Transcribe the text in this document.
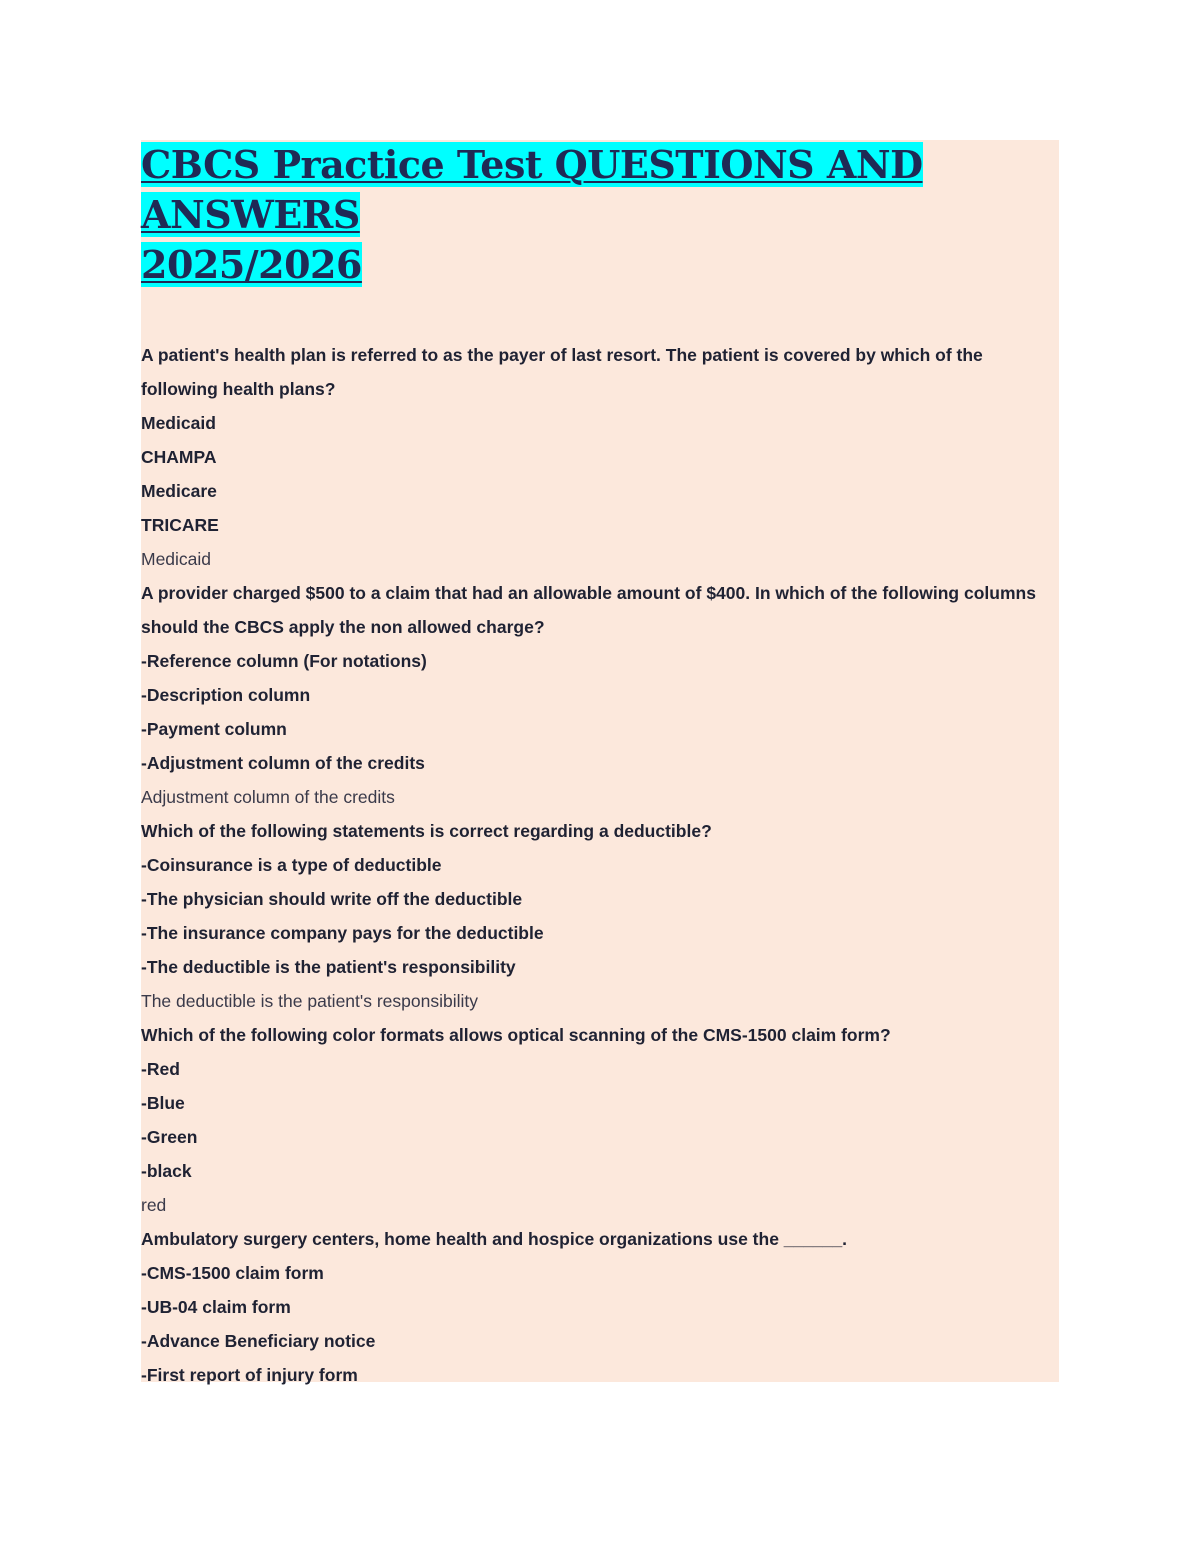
CBCS Practice Test QUESTIONS AND ANSWERS
2025/2026

A patient's health plan is referred to as the payer of last resort. The patient is covered by which of the following health plans?

Medicaid

CHAMPA

Medicare

TRICARE

Medicaid

A provider charged $500 to a claim that had an allowable amount of $400. In which of the following columns should the CBCS apply the non allowed charge?

-Reference column (For notations)

-Description column

-Payment column

-Adjustment column of the credits

Adjustment column of the credits

Which of the following statements is correct regarding a deductible?

-Coinsurance is a type of deductible

-The physician should write off the deductible

-The insurance company pays for the deductible

-The deductible is the patient's responsibility

The deductible is the patient's responsibility

Which of the following color formats allows optical scanning of the CMS-1500 claim form?

-Red

-Blue

-Green

-black

red

Ambulatory surgery centers, home health and hospice organizations use the ______.

-CMS-1500 claim form

-UB-04 claim form

-Advance Beneficiary notice

-First report of injury form
